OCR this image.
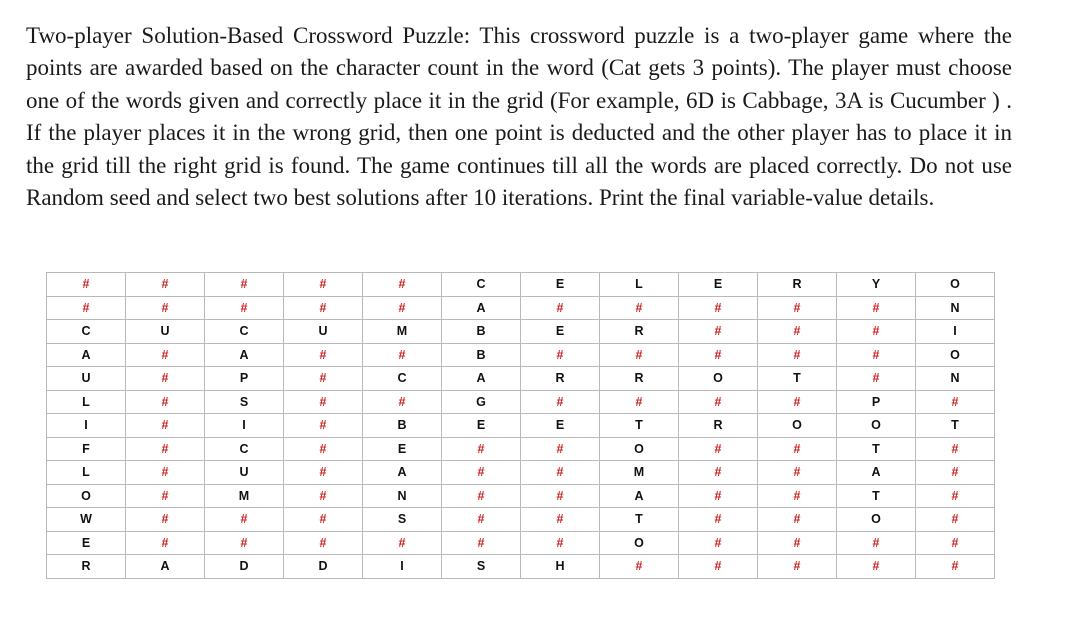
Two-player Solution-Based Crossword Puzzle: This crossword puzzle is a two-player game where the points are awarded based on the character count in the word (Cat gets 3 points). The player must choose one of the words given and correctly place it in the grid (For example, 6D is Cabbage, 3A is Cucumber ) . If the player places it in the wrong grid, then one point is deducted and the other player has to place it in the grid till the right grid is found. The game continues till all the words are placed correctly. Do not use Random seed and select two best solutions after 10 iterations. Print the final variable-value details.

#	#	#	#	#	C	E	L	E	R	Y	O
#	#	#	#	#	A	#	#	#	#	#	N
C	U	C	U	M	B	E	R	#	#	#	I
A	#	A	#	#	B	#	#	#	#	#	O
U	#	P	#	C	A	R	R	O	T	#	N
L	#	S	#	#	G	#	#	#	#	P	#
I	#	I	#	B	E	E	T	R	O	O	T
F	#	C	#	E	#	#	O	#	#	T	#
L	#	U	#	A	#	#	M	#	#	A	#
O	#	M	#	N	#	#	A	#	#	T	#
W	#	#	#	S	#	#	T	#	#	O	#
E	#	#	#	#	#	#	O	#	#	#	#
R	A	D	D	I	S	H	#	#	#	#	#
